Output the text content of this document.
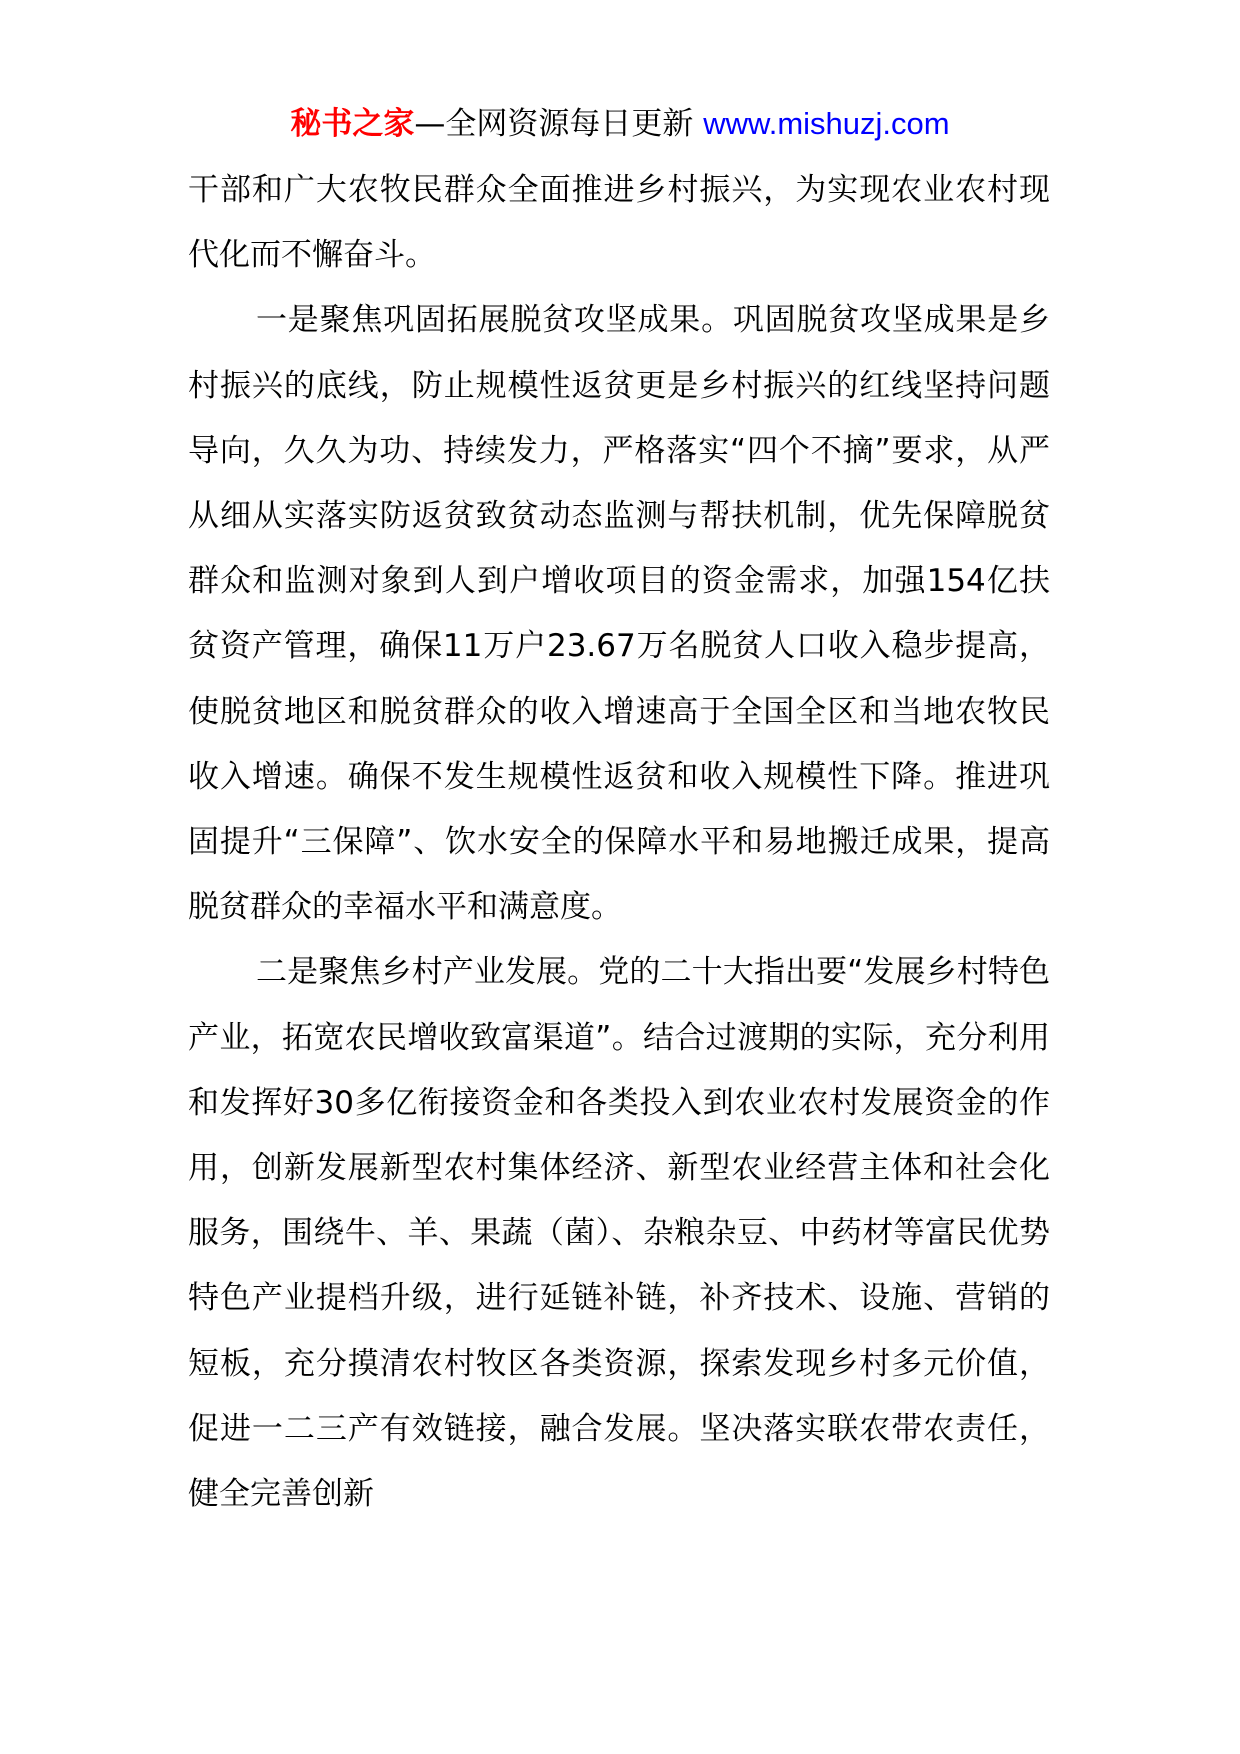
秘书之家—全网资源每日更新 www.mishuzj.com

干部和广大农牧民群众全面推进乡村振兴，为实现农业农村现代化而不懈奋斗。

一是聚焦巩固拓展脱贫攻坚成果。巩固脱贫攻坚成果是乡村振兴的底线，防止规模性返贫更是乡村振兴的红线坚持问题导向，久久为功、持续发力，严格落实“四个不摘”要求，从严从细从实落实防返贫致贫动态监测与帮扶机制，优先保障脱贫群众和监测对象到人到户增收项目的资金需求，加强154亿扶贫资产管理，确保11万户23.67万名脱贫人口收入稳步提高，使脱贫地区和脱贫群众的收入增速高于全国全区和当地农牧民收入增速。确保不发生规模性返贫和收入规模性下降。推进巩固提升“三保障”、饮水安全的保障水平和易地搬迁成果，提高脱贫群众的幸福水平和满意度。

二是聚焦乡村产业发展。党的二十大指出要“发展乡村特色产业，拓宽农民增收致富渠道”。结合过渡期的实际，充分利用和发挥好30多亿衔接资金和各类投入到农业农村发展资金的作用，创新发展新型农村集体经济、新型农业经营主体和社会化服务，围绕牛、羊、果蔬（菌）、杂粮杂豆、中药材等富民优势特色产业提档升级，进行延链补链，补齐技术、设施、营销的短板，充分摸清农村牧区各类资源，探索发现乡村多元价值，促进一二三产有效链接，融合发展。坚决落实联农带农责任，健全完善创新
